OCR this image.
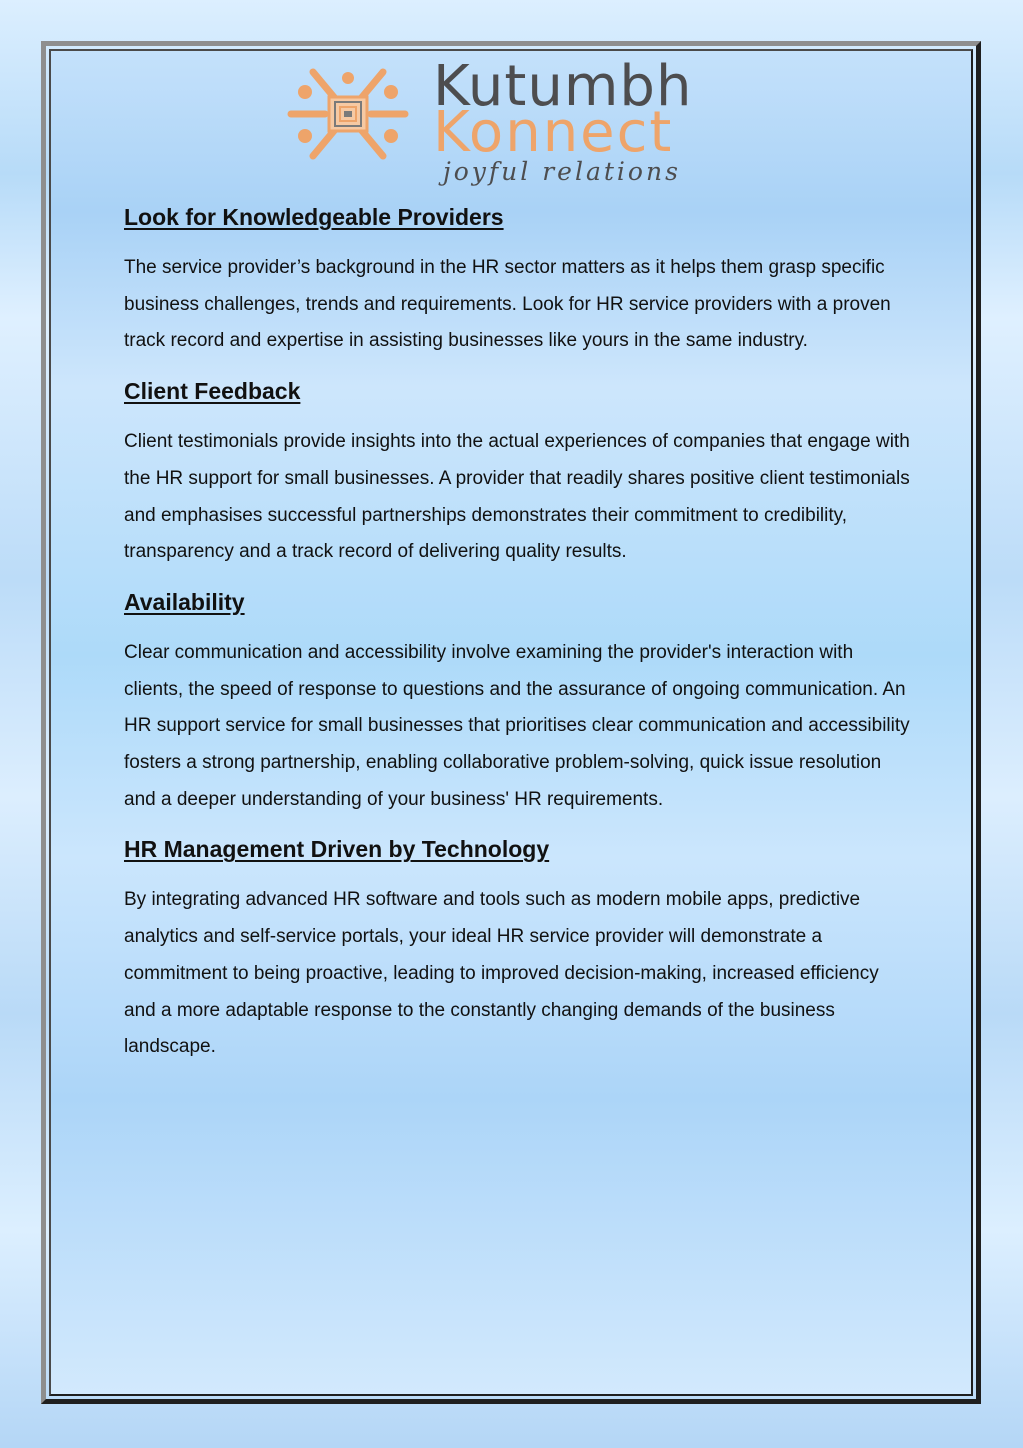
Kutumbh
Konnect
joyful relations
Look for Knowledgeable Providers

The service provider’s background in the HR sector matters as it helps them grasp specific business challenges, trends and requirements. Look for HR service providers with a proven track record and expertise in assisting businesses like yours in the same industry.

Client Feedback

Client testimonials provide insights into the actual experiences of companies that engage with the HR support for small businesses. A provider that readily shares positive client testimonials and emphasises successful partnerships demonstrates their commitment to credibility, transparency and a track record of delivering quality results.

Availability

Clear communication and accessibility involve examining the provider's interaction with clients, the speed of response to questions and the assurance of ongoing communication. An HR support service for small businesses that prioritises clear communication and accessibility fosters a strong partnership, enabling collaborative problem-solving, quick issue resolution and a deeper understanding of your business' HR requirements.

HR Management Driven by Technology

By integrating advanced HR software and tools such as modern mobile apps, predictive analytics and self-service portals, your ideal HR service provider will demonstrate a commitment to being proactive, leading to improved decision-making, increased efficiency and a more adaptable response to the constantly changing demands of the business landscape.
